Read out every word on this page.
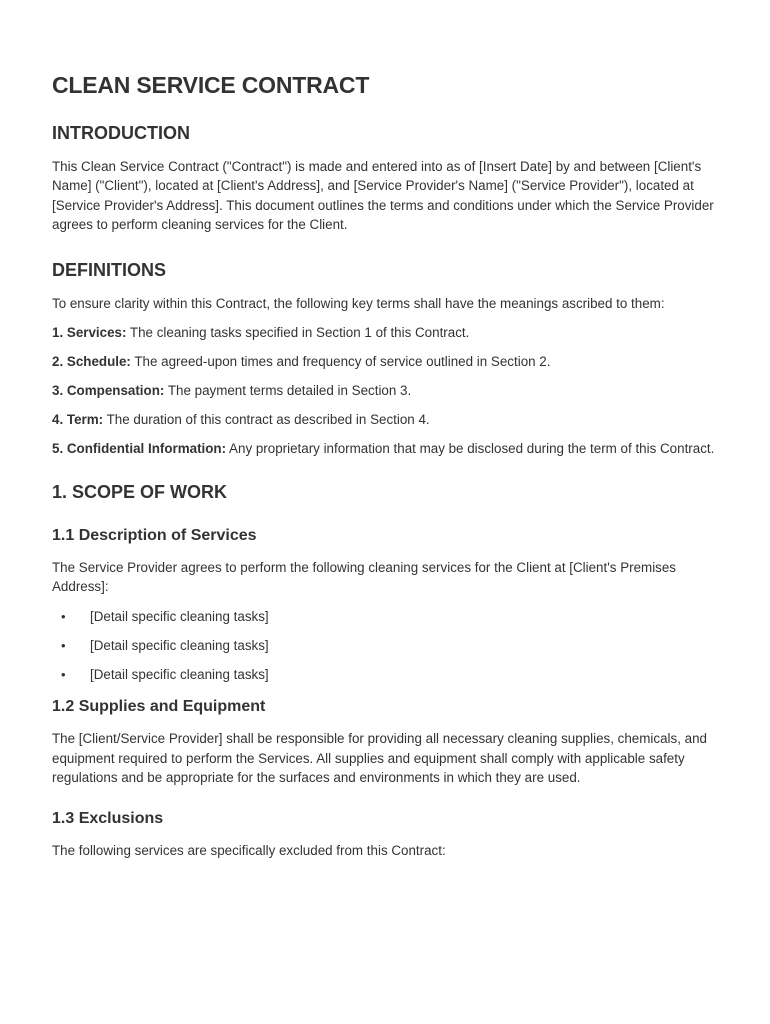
CLEAN SERVICE CONTRACT
INTRODUCTION

This Clean Service Contract ("Contract") is made and entered into as of [Insert Date] by and between [Client's Name] ("Client"), located at [Client's Address], and [Service Provider's Name] ("Service Provider"), located at [Service Provider's Address]. This document outlines the terms and conditions under which the Service Provider agrees to perform cleaning services for the Client.

DEFINITIONS

To ensure clarity within this Contract, the following key terms shall have the meanings ascribed to them:

1. Services: The cleaning tasks specified in Section 1 of this Contract.

2. Schedule: The agreed-upon times and frequency of service outlined in Section 2.

3. Compensation: The payment terms detailed in Section 3.

4. Term: The duration of this contract as described in Section 4.

5. Confidential Information: Any proprietary information that may be disclosed during the term of this Contract.

1. SCOPE OF WORK
1.1 Description of Services

The Service Provider agrees to perform the following cleaning services for the Client at [Client's Premises Address]:

• [Detail specific cleaning tasks]
• [Detail specific cleaning tasks]
• [Detail specific cleaning tasks]
1.2 Supplies and Equipment

The [Client/Service Provider] shall be responsible for providing all necessary cleaning supplies, chemicals, and equipment required to perform the Services. All supplies and equipment shall comply with applicable safety regulations and be appropriate for the surfaces and environments in which they are used.

1.3 Exclusions

The following services are specifically excluded from this Contract:
